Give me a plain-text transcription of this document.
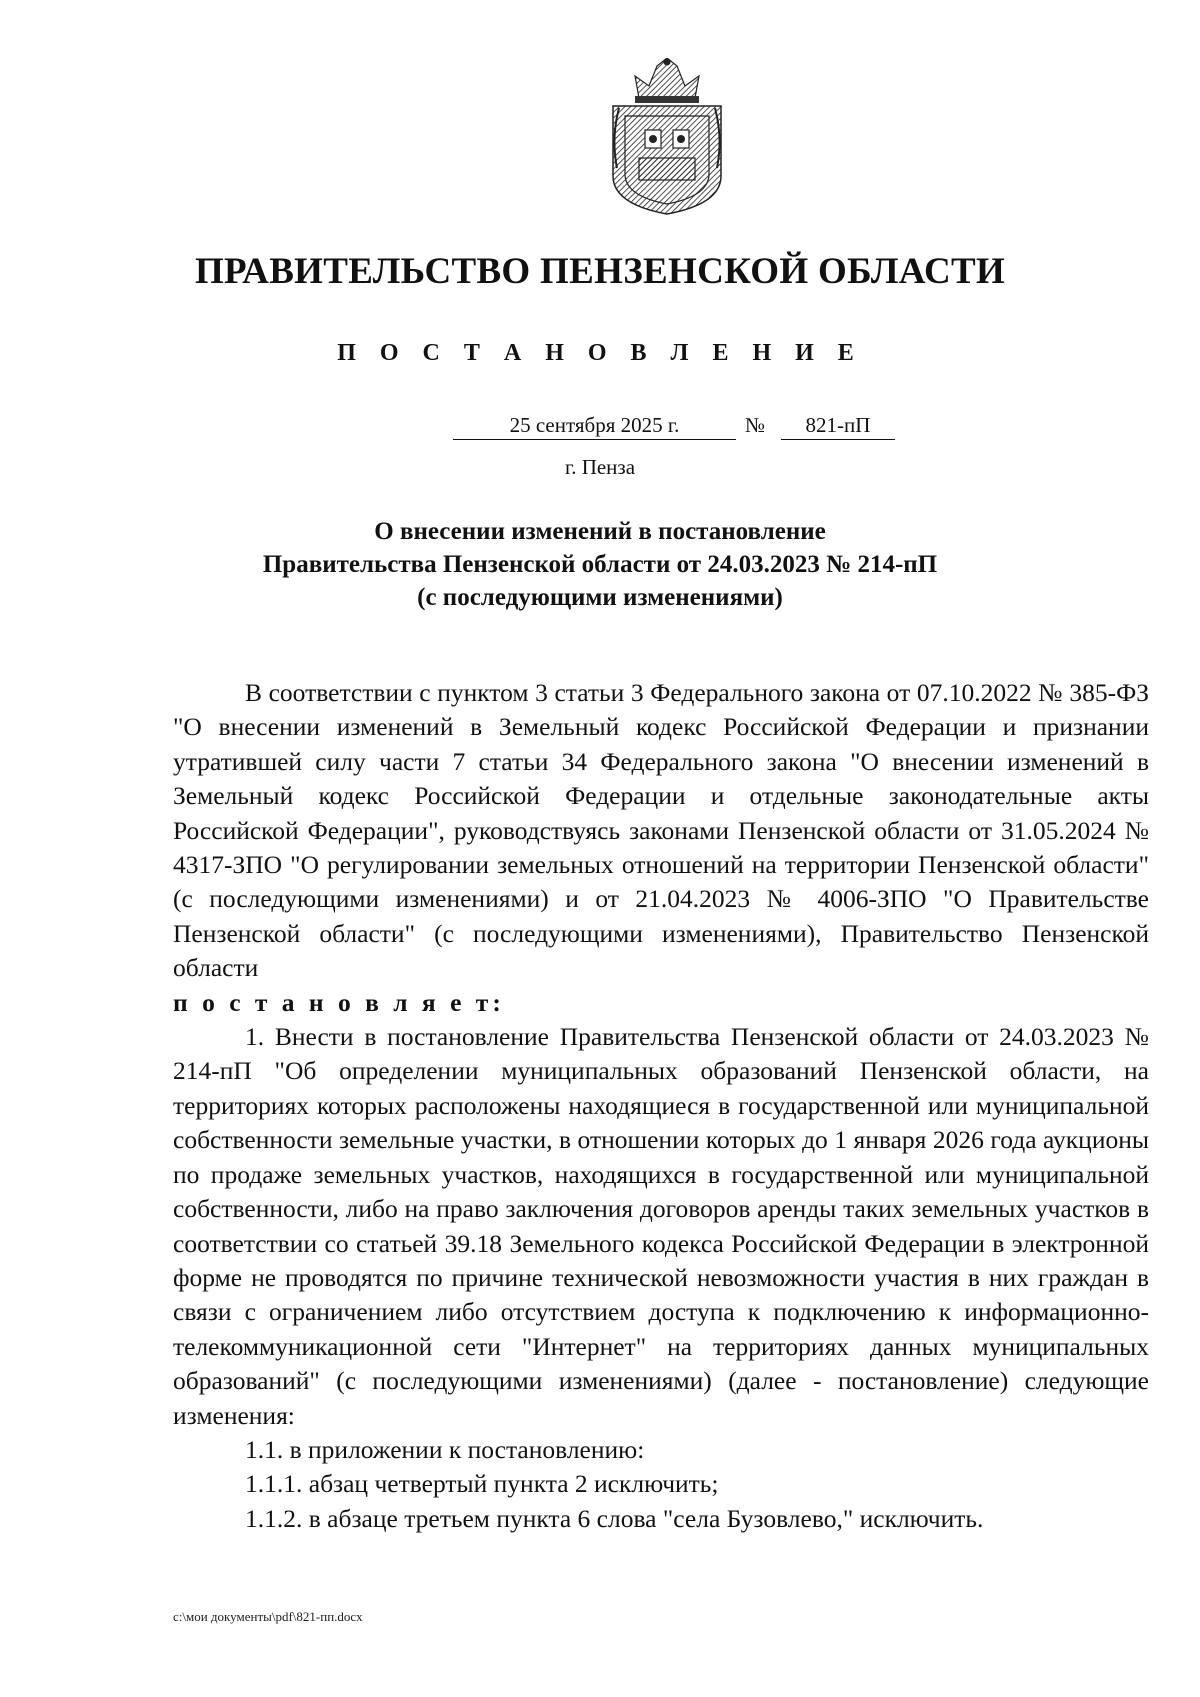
ПРАВИТЕЛЬСТВО ПЕНЗЕНСКОЙ ОБЛАСТИ
П О С Т А Н О В Л Е Н И Е
25 сентября 2025 г.	№	821-пП
г. Пенза
О внесении изменений в постановление
Правительства Пензенской области от 24.03.2023 № 214-пП
(с последующими изменениями)

В соответствии с пунктом 3 статьи 3 Федерального закона от 07.10.2022 № 385-ФЗ "О внесении изменений в Земельный кодекс Российской Федерации и признании утратившей силу части 7 статьи 34 Федерального закона "О внесении изменений в Земельный кодекс Российской Федерации и отдельные законодательные акты Российской Федерации", руководствуясь законами Пензенской области от 31.05.2024 № 4317-ЗПО "О регулировании земельных отношений на территории Пензенской области" (с последующими изменениями) и от 21.04.2023 № 4006-ЗПО "О Правительстве Пензенской области" (с последующими изменениями), Правительство Пензенской области

п о с т а н о в л я е т:

1. Внести в постановление Правительства Пензенской области от 24.03.2023 № 214-пП "Об определении муниципальных образований Пензенской области, на территориях которых расположены находящиеся в государственной или муниципальной собственности земельные участки, в отношении которых до 1 января 2026 года аукционы по продаже земельных участков, находящихся в государственной или муниципальной собственности, либо на право заключения договоров аренды таких земельных участков в соответствии со статьей 39.18 Земельного кодекса Российской Федерации в электронной форме не проводятся по причине технической невозможности участия в них граждан в связи с ограничением либо отсутствием доступа к подключению к информационно-телекоммуникационной сети "Интернет" на территориях данных муниципальных образований" (с последующими изменениями) (далее - постановление) следующие изменения:

1.1. в приложении к постановлению:

1.1.1. абзац четвертый пункта 2 исключить;

1.1.2. в абзаце третьем пункта 6 слова "села Бузовлево," исключить.

c:\мои документы\pdf\821-пп.docx
